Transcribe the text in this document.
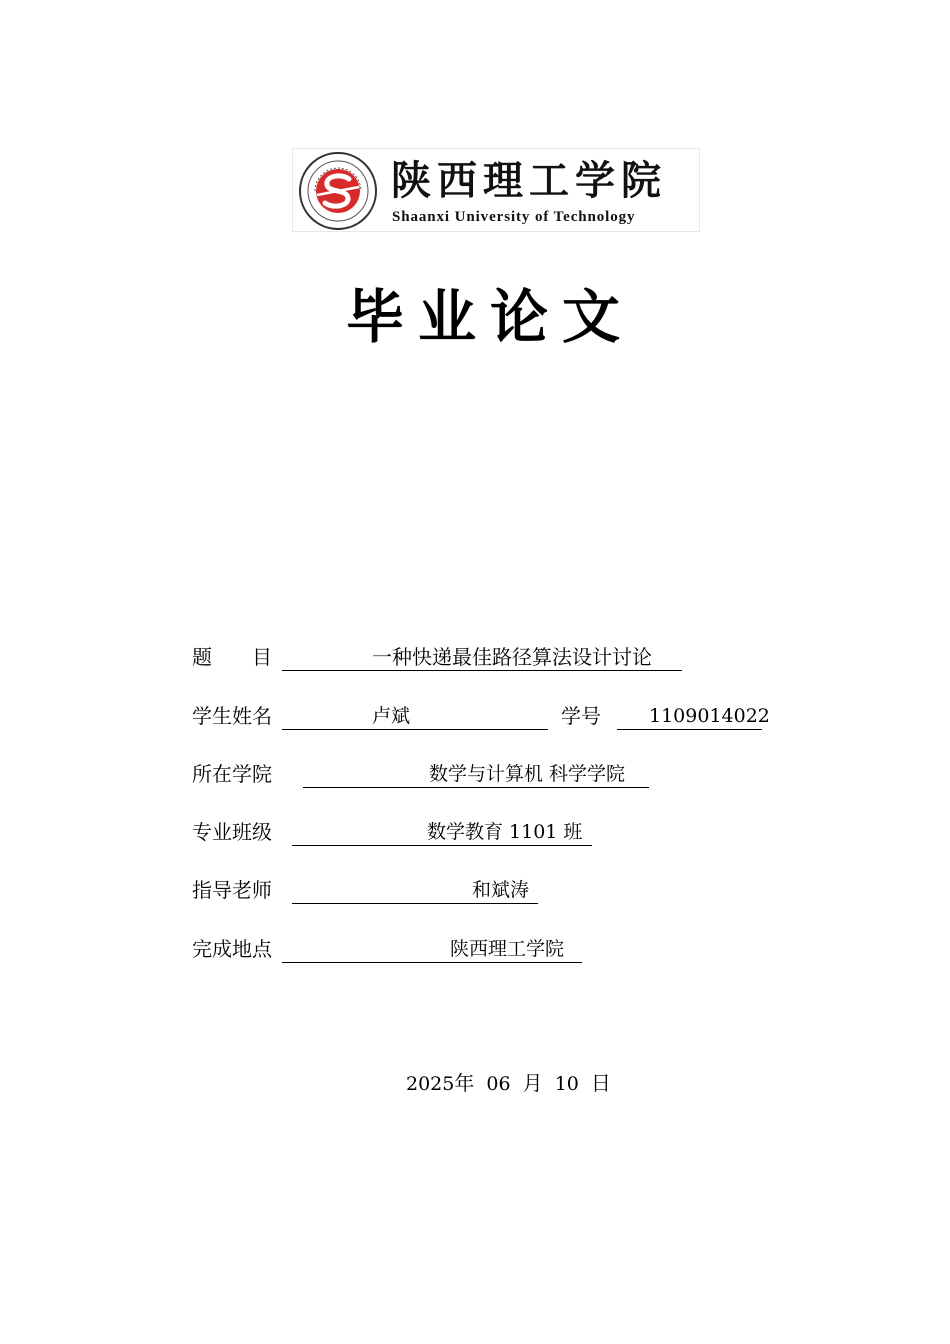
陕西理工学院
Shaanxi University of Technology
毕业论文
题　　目	一种快递最佳路径算法设计讨论
学生姓名	卢斌	学号	1109014022
所在学院	数学与计算机 科学学院
专业班级	数学教育 1101 班
指导老师	和斌涛
完成地点	陕西理工学院
2025年 06 月 10 日
